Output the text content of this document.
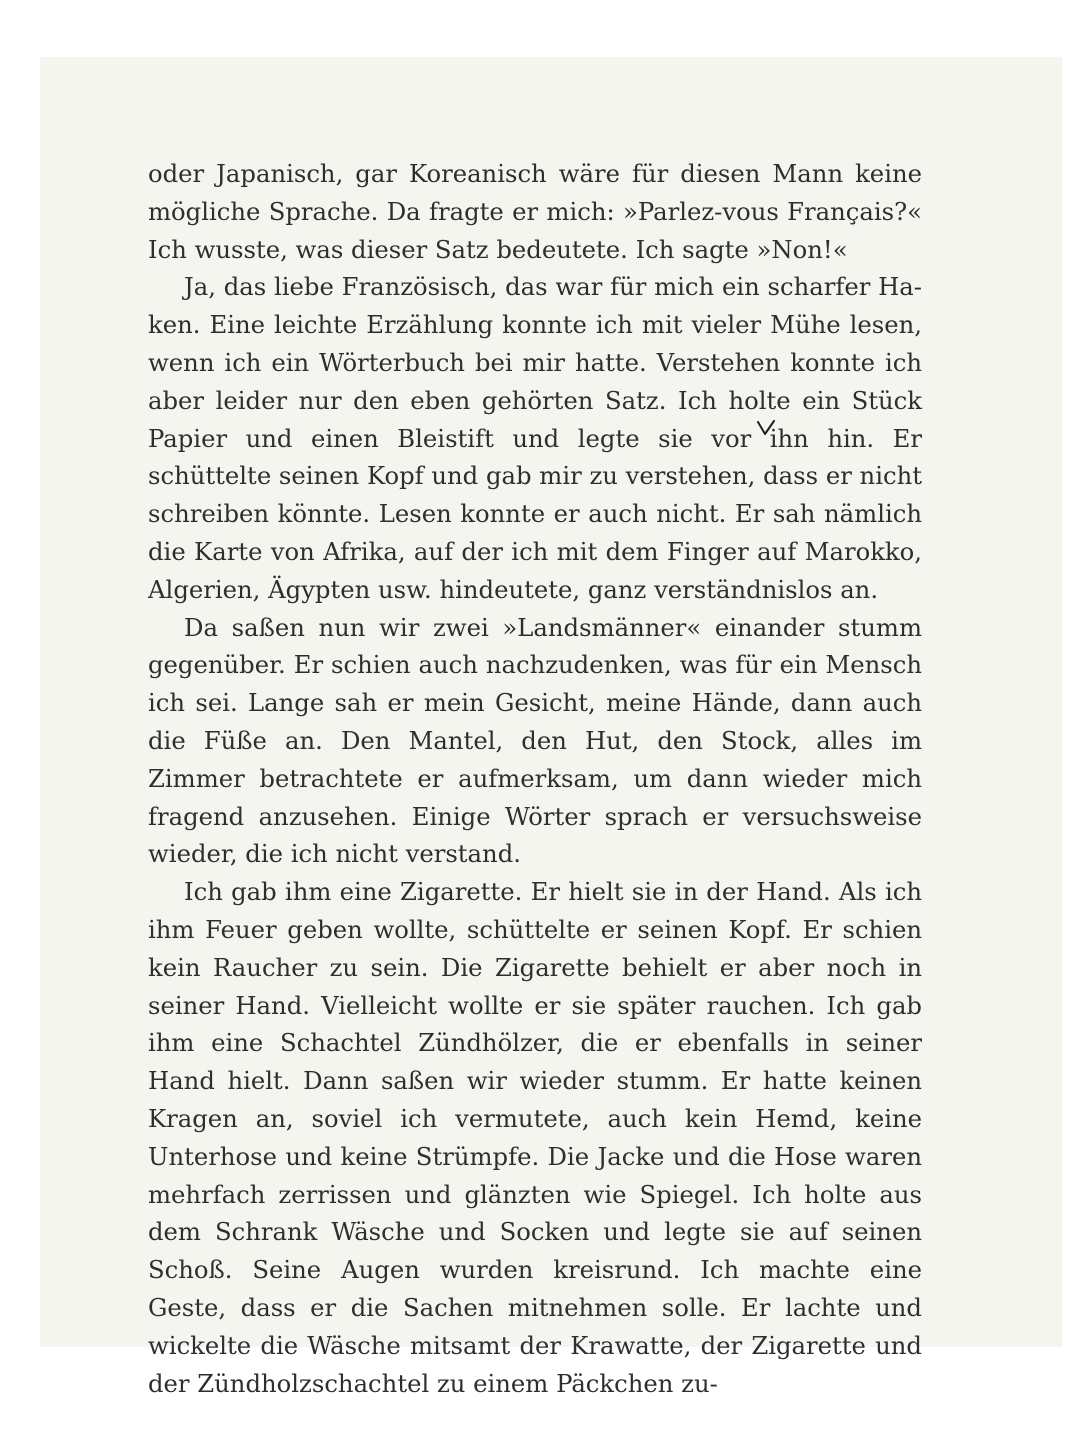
oder Japanisch, gar Koreanisch wäre für diesen Mann keine mögliche Sprache. Da fragte er mich: »Parlez-vous Français?« Ich wusste, was dieser Satz bedeutete. Ich sagte »Non!«

Ja, das liebe Französisch, das war für mich ein scharfer Haken. Eine leichte Erzählung konnte ich mit vieler Mühe lesen, wenn ich ein Wörterbuch bei mir hatte. Verstehen konnte ich aber leider nur den eben gehörten Satz. Ich holte ein Stück Papier und einen Bleistift und legte sie vor ihn hin. Er schüttelte seinen Kopf und gab mir zu verstehen, dass er nicht schreiben könnte. Lesen konnte er auch nicht. Er sah nämlich die Karte von Afrika, auf der ich mit dem Finger auf Marokko, Algerien, Ägypten usw. hindeutete, ganz verständnislos an.

Da saßen nun wir zwei »Landsmänner« einander stumm gegenüber. Er schien auch nachzudenken, was für ein Mensch ich sei. Lange sah er mein Gesicht, meine Hände, dann auch die Füße an. Den Mantel, den Hut, den Stock, alles im Zimmer betrachtete er aufmerksam, um dann wieder mich fragend anzusehen. Einige Wörter sprach er versuchsweise wieder, die ich nicht verstand.

Ich gab ihm eine Zigarette. Er hielt sie in der Hand. Als ich ihm Feuer geben wollte, schüttelte er seinen Kopf. Er schien kein Raucher zu sein. Die Zigarette behielt er aber noch in seiner Hand. Vielleicht wollte er sie später rauchen. Ich gab ihm eine Schachtel Zündhölzer, die er ebenfalls in seiner Hand hielt. Dann saßen wir wieder stumm. Er hatte keinen Kragen an, soviel ich vermutete, auch kein Hemd, keine Unterhose und keine Strümpfe. Die Jacke und die Hose waren mehrfach zerrissen und glänzten wie Spiegel. Ich holte aus dem Schrank Wäsche und Socken und legte sie auf seinen Schoß. Seine Augen wurden kreisrund. Ich machte eine Geste, dass er die Sachen mitnehmen solle. Er lachte und wickelte die Wäsche mitsamt der Krawatte, der Zigarette und der Zündholzschachtel zu einem Päckchen zu-
